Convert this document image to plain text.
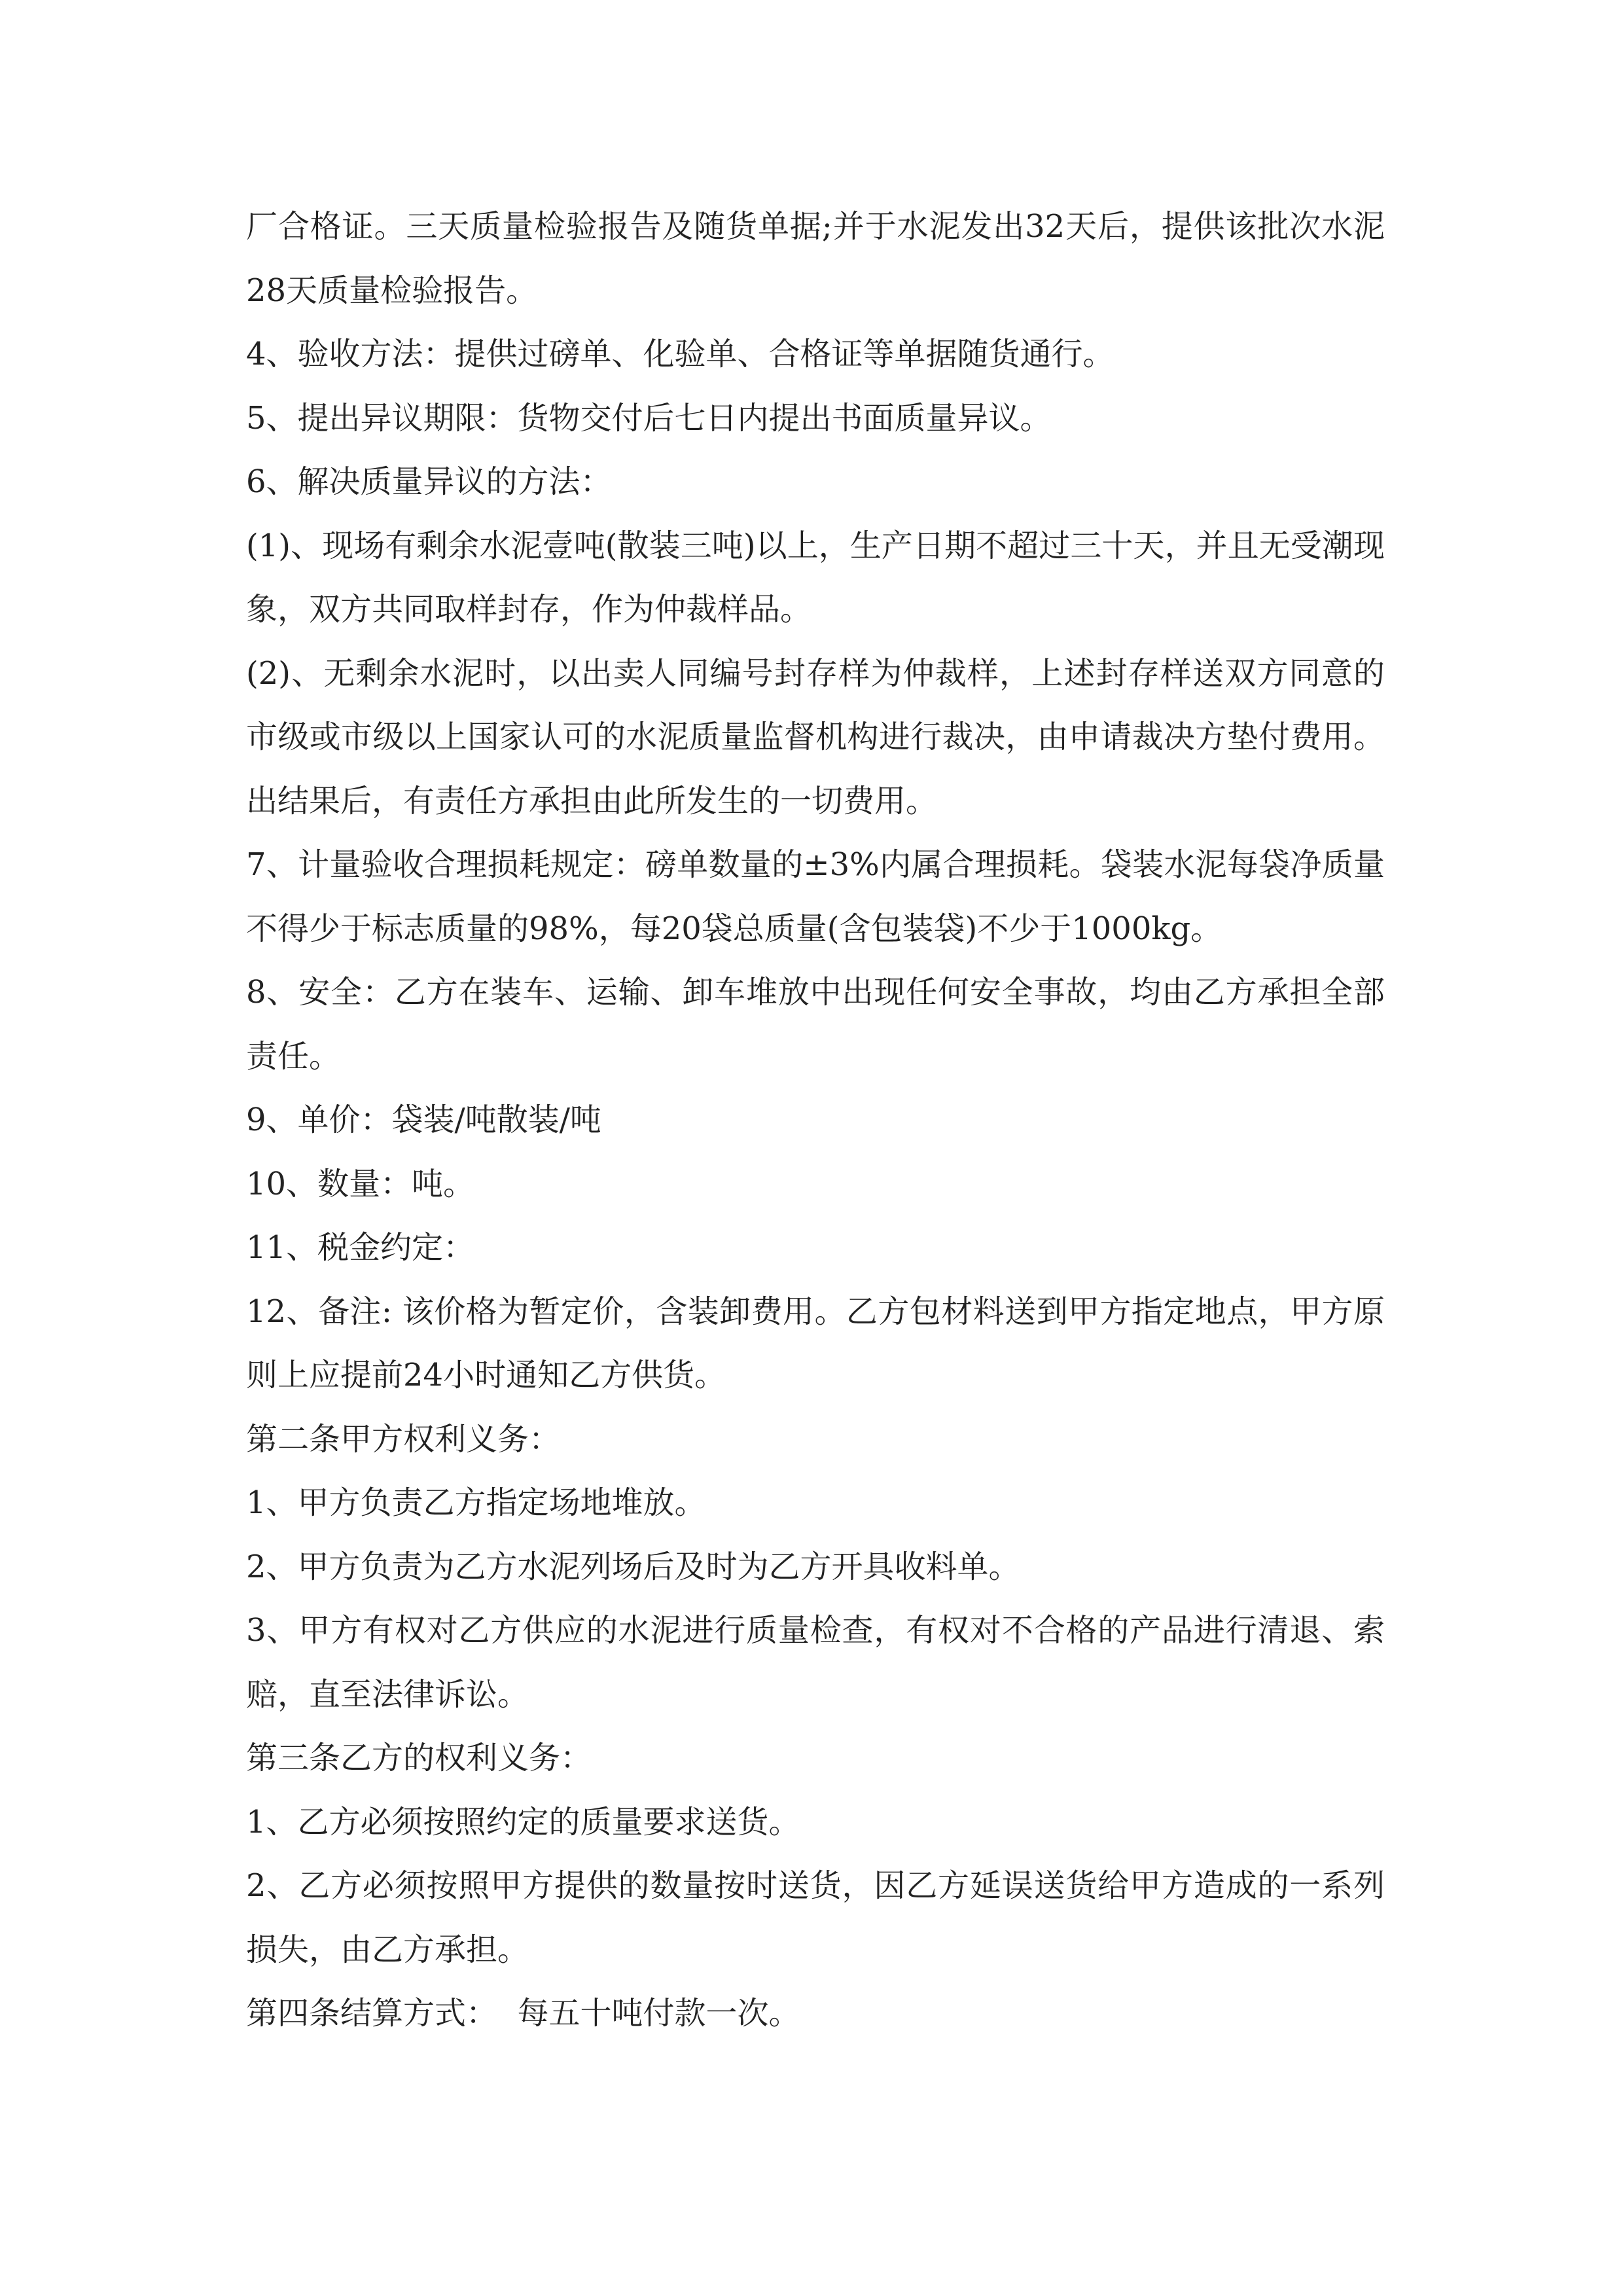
厂合格证。三天质量检验报告及随货单据;并于水泥发出32天后，提供该批次水泥28天质量检验报告。

4、验收方法：提供过磅单、化验单、合格证等单据随货通行。

5、提出异议期限：货物交付后七日内提出书面质量异议。

6、解决质量异议的方法：

(1)、现场有剩余水泥壹吨(散装三吨)以上，生产日期不超过三十天，并且无受潮现象，双方共同取样封存，作为仲裁样品。

(2)、无剩余水泥时，以出卖人同编号封存样为仲裁样，上述封存样送双方同意的市级或市级以上国家认可的水泥质量监督机构进行裁决，由申请裁决方垫付费用。出结果后，有责任方承担由此所发生的一切费用。

7、计量验收合理损耗规定：磅单数量的±3%内属合理损耗。袋装水泥每袋净质量不得少于标志质量的98%，每20袋总质量(含包装袋)不少于1000kg。

8、安全：乙方在装车、运输、卸车堆放中出现任何安全事故，均由乙方承担全部责任。

9、单价：袋装/吨散装/吨

10、数量：吨。

11、税金约定：

12、备注: 该价格为暂定价，含装卸费用。乙方包材料送到甲方指定地点，甲方原则上应提前24小时通知乙方供货。

第二条甲方权利义务：

1、甲方负责乙方指定场地堆放。

2、甲方负责为乙方水泥列场后及时为乙方开具收料单。

3、甲方有权对乙方供应的水泥进行质量检查，有权对不合格的产品进行清退、索赔，直至法律诉讼。

第三条乙方的权利义务：

1、乙方必须按照约定的质量要求送货。

2、乙方必须按照甲方提供的数量按时送货，因乙方延误送货给甲方造成的一系列损失，由乙方承担。

第四条结算方式：  每五十吨付款一次。
